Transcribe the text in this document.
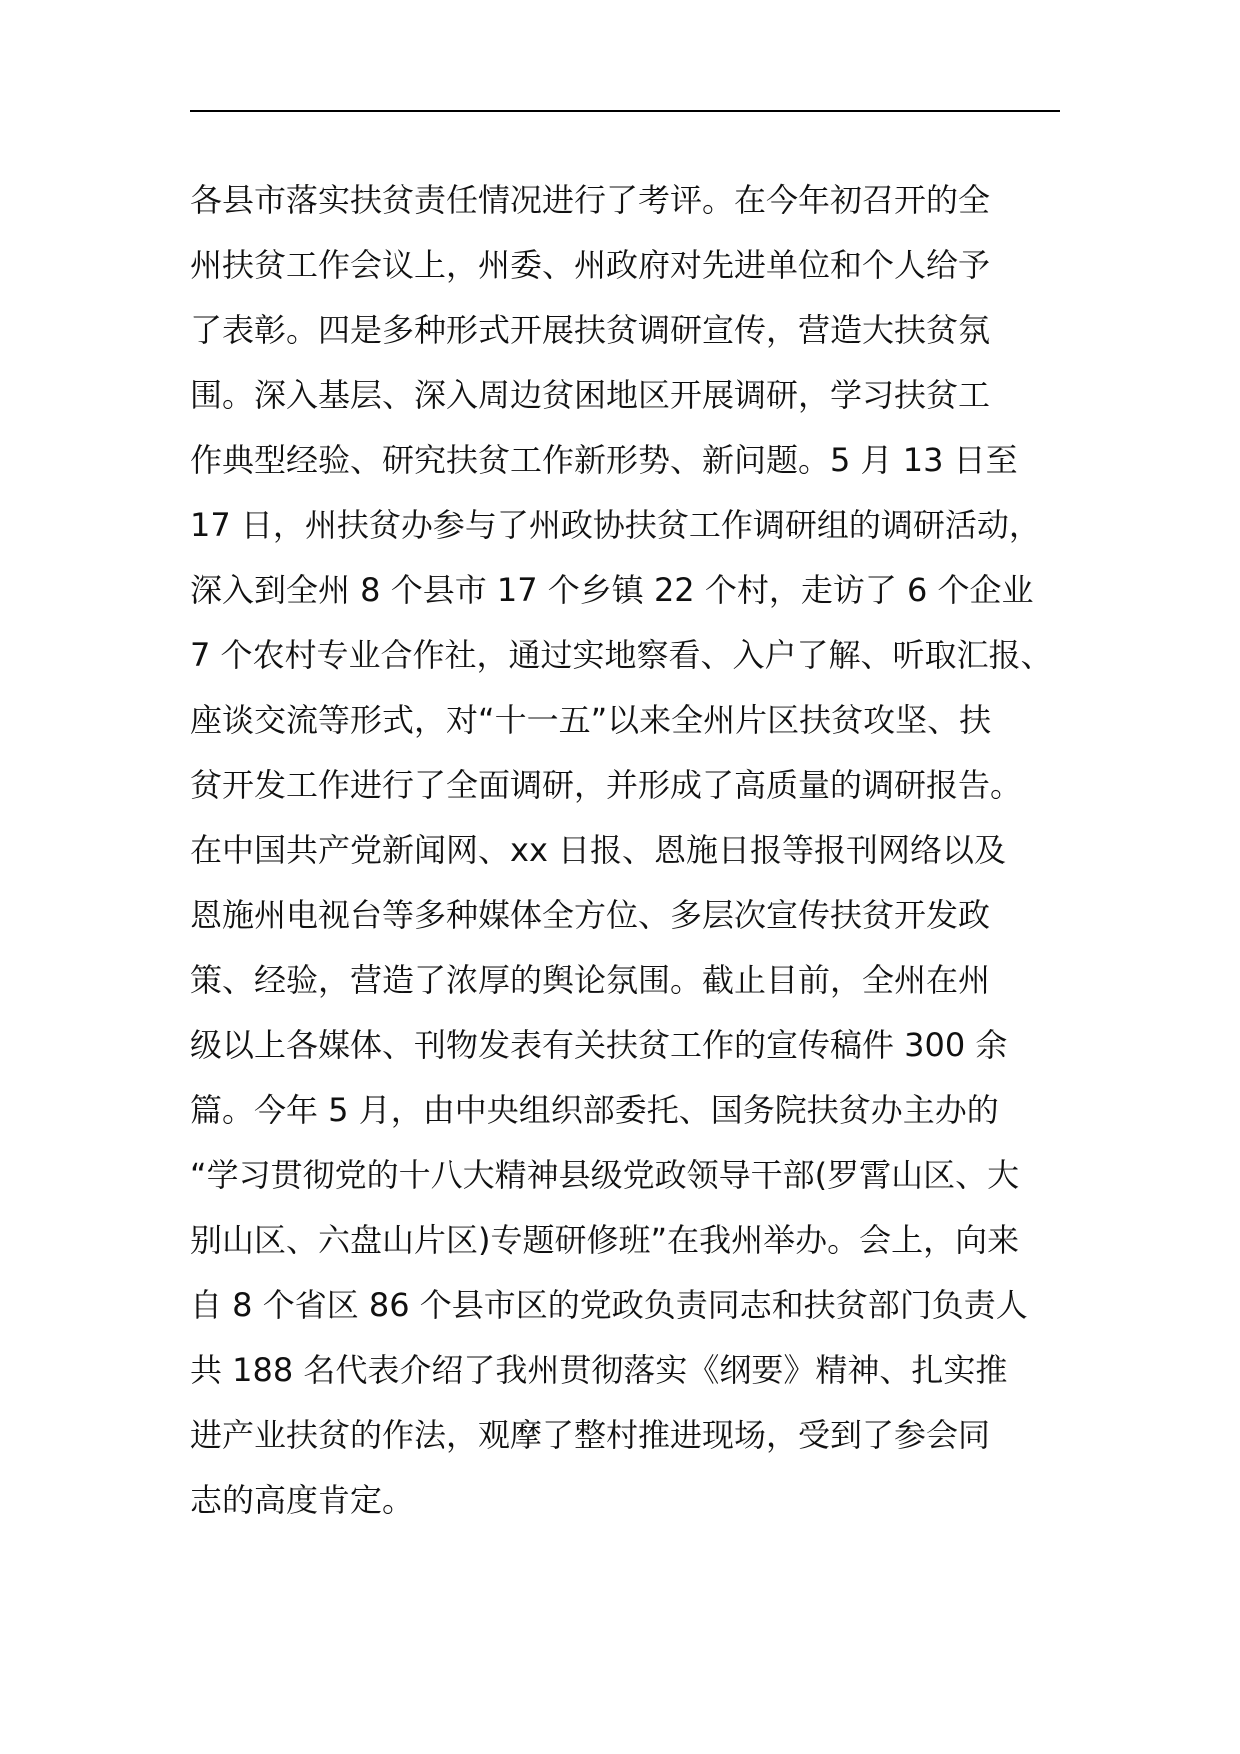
各县市落实扶贫责任情况进行了考评。在今年初召开的全
州扶贫工作会议上，州委、州政府对先进单位和个人给予
了表彰。四是多种形式开展扶贫调研宣传，营造大扶贫氛
围。深入基层、深入周边贫困地区开展调研，学习扶贫工
作典型经验、研究扶贫工作新形势、新问题。5 月 13 日至
17 日，州扶贫办参与了州政协扶贫工作调研组的调研活动，
深入到全州 8 个县市 17 个乡镇 22 个村，走访了 6 个企业
7 个农村专业合作社，通过实地察看、入户了解、听取汇报、
座谈交流等形式，对“十一五”以来全州片区扶贫攻坚、扶
贫开发工作进行了全面调研，并形成了高质量的调研报告。
在中国共产党新闻网、xx 日报、恩施日报等报刊网络以及
恩施州电视台等多种媒体全方位、多层次宣传扶贫开发政
策、经验，营造了浓厚的舆论氛围。截止目前，全州在州
级以上各媒体、刊物发表有关扶贫工作的宣传稿件 300 余
篇。今年 5 月，由中央组织部委托、国务院扶贫办主办的
“学习贯彻党的十八大精神县级党政领导干部(罗霄山区、大
别山区、六盘山片区)专题研修班”在我州举办。会上，向来
自 8 个省区 86 个县市区的党政负责同志和扶贫部门负责人
共 188 名代表介绍了我州贯彻落实《纲要》精神、扎实推
进产业扶贫的作法，观摩了整村推进现场，受到了参会同
志的高度肯定。
